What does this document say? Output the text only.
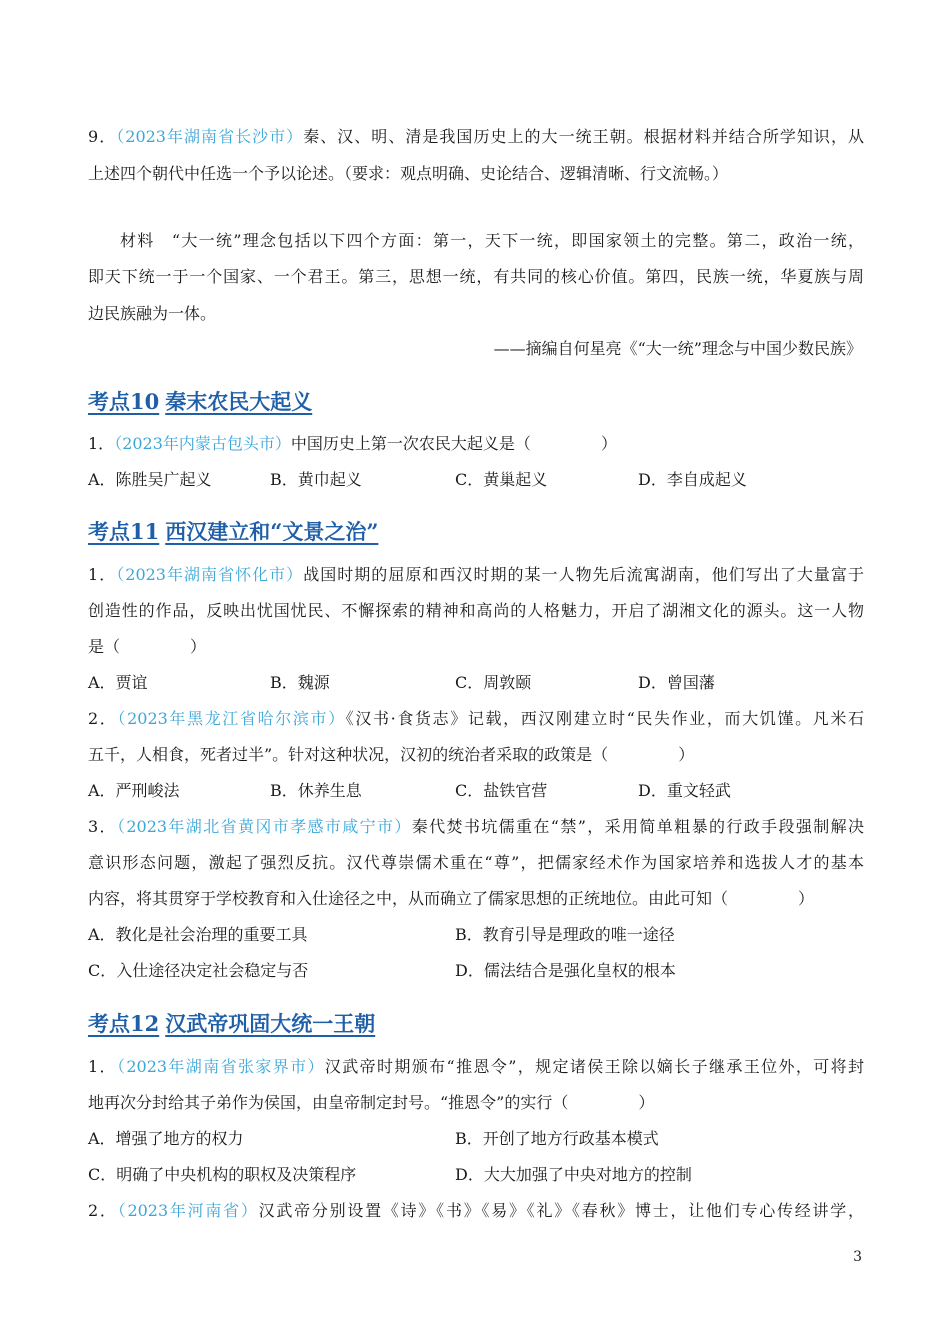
9．（2023年湖南省长沙市）秦、汉、明、清是我国历史上的大一统王朝。根据材料并结合所学知识，从
上述四个朝代中任选一个予以论述。（要求：观点明确、史论结合、逻辑清晰、行文流畅。）
材料　“大一统”理念包括以下四个方面：第一，天下一统，即国家领土的完整。第二，政治一统，
即天下统一于一个国家、一个君王。第三，思想一统，有共同的核心价值。第四，民族一统，华夏族与周
边民族融为一体。
——摘编自何星亮《“大一统”理念与中国少数民族》
考点10 秦末农民大起义
1．（2023年内蒙古包头市）中国历史上第一次农民大起义是（	）
A．陈胜吴广起义	B．黄巾起义	C．黄巢起义	D．李自成起义
考点11 西汉建立和“文景之治”
1．（2023年湖南省怀化市）战国时期的屈原和西汉时期的某一人物先后流寓湖南，他们写出了大量富于
创造性的作品，反映出忧国忧民、不懈探索的精神和高尚的人格魅力，开启了湖湘文化的源头。这一人物
是（	）
A．贾谊	B．魏源	C．周敦颐	D．曾国藩
2．（2023年黑龙江省哈尔滨市）《汉书·食货志》记载，西汉刚建立时“民失作业，而大饥馑。凡米石
五千，人相食，死者过半”。针对这种状况，汉初的统治者采取的政策是（	）
A．严刑峻法	B．休养生息	C．盐铁官营	D．重文轻武
3．（2023年湖北省黄冈市孝感市咸宁市）秦代焚书坑儒重在“禁”，采用简单粗暴的行政手段强制解决
意识形态问题，激起了强烈反抗。汉代尊崇儒术重在“尊”，把儒家经术作为国家培养和选拔人才的基本
内容，将其贯穿于学校教育和入仕途径之中，从而确立了儒家思想的正统地位。由此可知（	）
A．教化是社会治理的重要工具	B．教育引导是理政的唯一途径
C．入仕途径决定社会稳定与否	D．儒法结合是强化皇权的根本
考点12 汉武帝巩固大统一王朝
1．（2023年湖南省张家界市）汉武帝时期颁布“推恩令”，规定诸侯王除以嫡长子继承王位外，可将封
地再次分封给其子弟作为侯国，由皇帝制定封号。“推恩令”的实行（	）
A．增强了地方的权力	B．开创了地方行政基本模式
C．明确了中央机构的职权及决策程序	D．大大加强了中央对地方的控制
2．（2023年河南省）汉武帝分别设置《诗》《书》《易》《礼》《春秋》博士，让他们专心传经讲学，
3
